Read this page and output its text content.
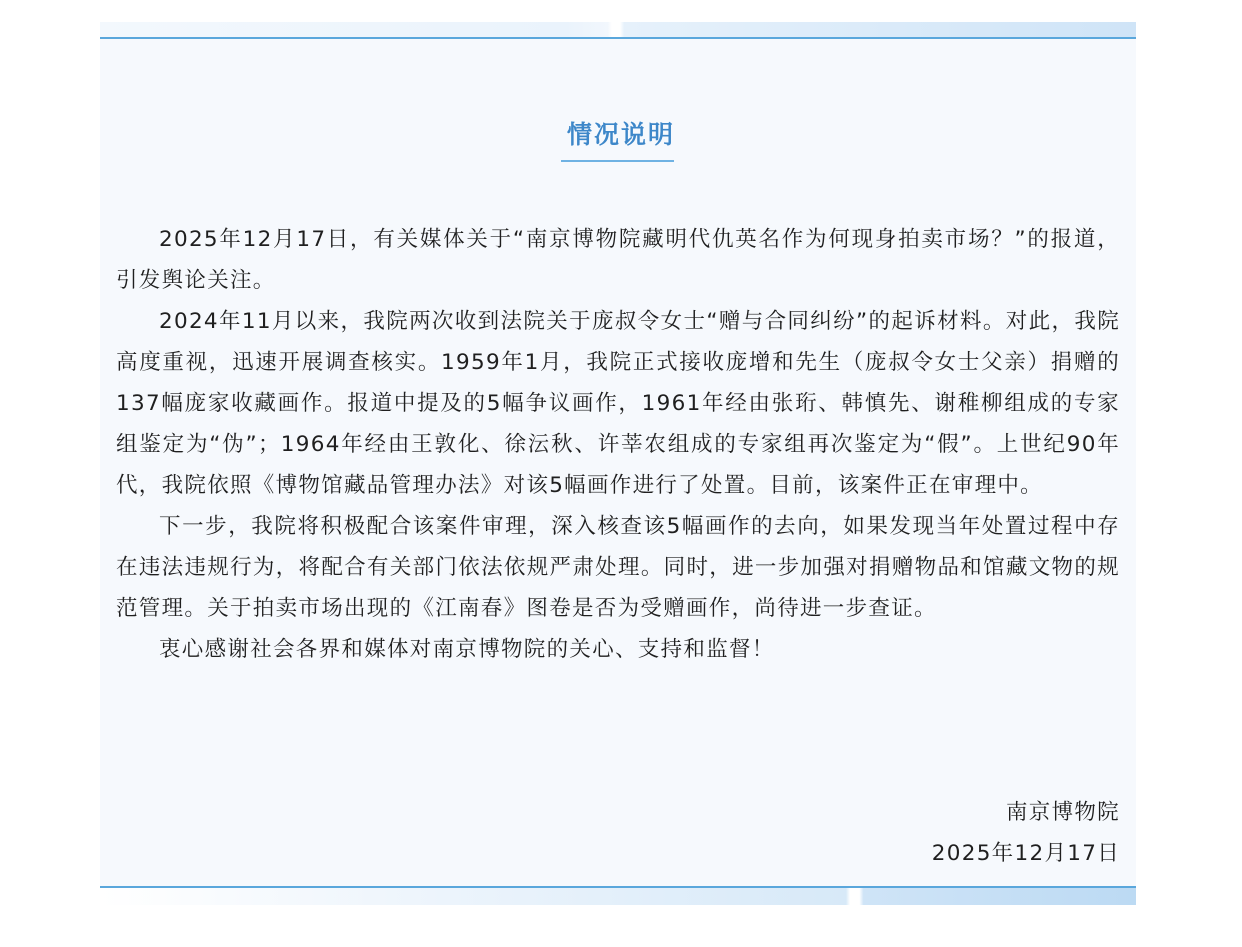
情况说明

2025年12月17日，有关媒体关于“南京博物院藏明代仇英名作为何现身拍卖市场？”的报道，引发舆论关注。

2024年11月以来，我院两次收到法院关于庞叔令女士“赠与合同纠纷”的起诉材料。对此，我院高度重视，迅速开展调查核实。1959年1月，我院正式接收庞增和先生（庞叔令女士父亲）捐赠的137幅庞家收藏画作。报道中提及的5幅争议画作，1961年经由张珩、韩慎先、谢稚柳组成的专家组鉴定为“伪”；1964年经由王敦化、徐沄秋、许莘农组成的专家组再次鉴定为“假”。上世纪90年代，我院依照《博物馆藏品管理办法》对该5幅画作进行了处置。目前，该案件正在审理中。

下一步，我院将积极配合该案件审理，深入核查该5幅画作的去向，如果发现当年处置过程中存在违法违规行为，将配合有关部门依法依规严肃处理。同时，进一步加强对捐赠物品和馆藏文物的规范管理。关于拍卖市场出现的《江南春》图卷是否为受赠画作，尚待进一步查证。

衷心感谢社会各界和媒体对南京博物院的关心、支持和监督！

南京博物院
2025年12月17日
